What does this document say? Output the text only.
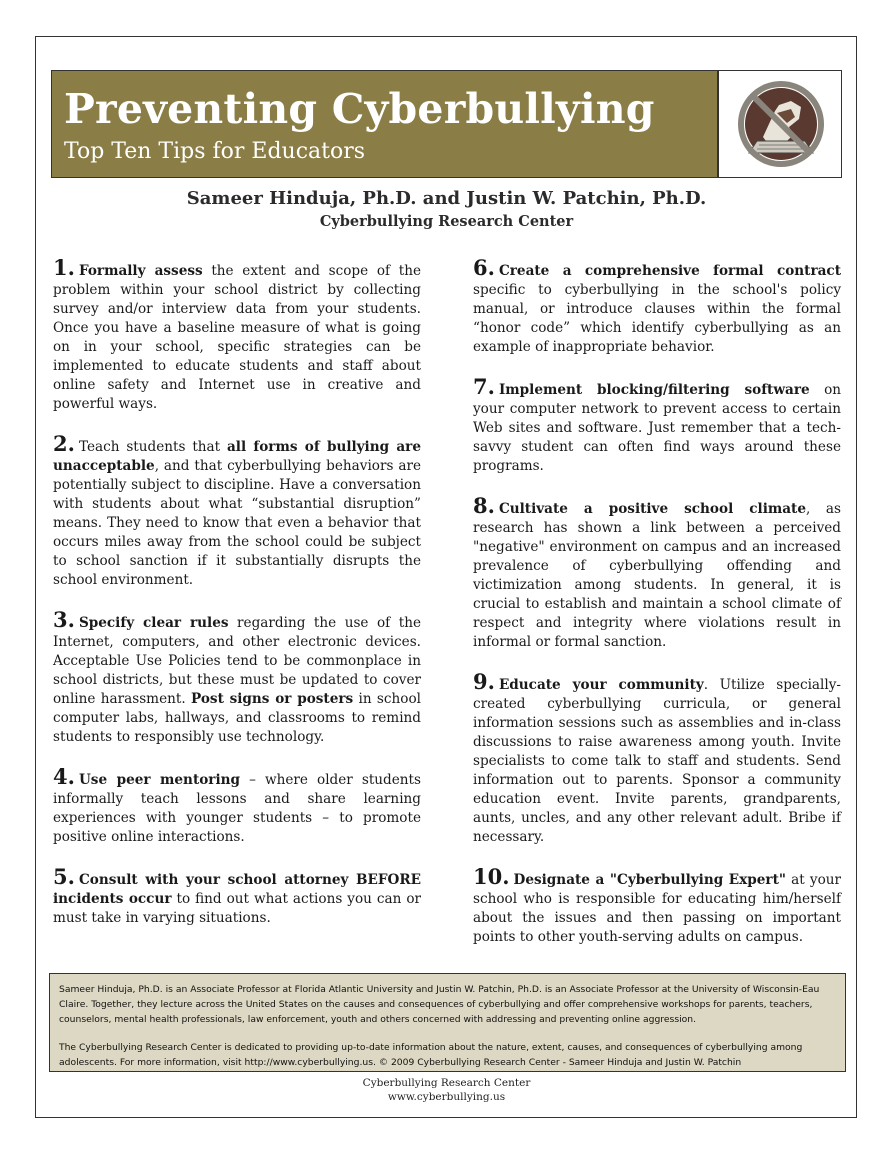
Preventing Cyberbullying
Top Ten Tips for Educators
Sameer Hinduja, Ph.D. and Justin W. Patchin, Ph.D.
Cyberbullying Research Center

1. Formally assess the extent and scope of the problem within your school district by collecting survey and/or interview data from your students. Once you have a baseline measure of what is going on in your school, specific strategies can be implemented to educate students and staff about online safety and Internet use in creative and powerful ways.

2. Teach students that all forms of bullying are unacceptable, and that cyberbullying behaviors are potentially subject to discipline. Have a conversation with students about what “substantial disruption” means. They need to know that even a behavior that occurs miles away from the school could be subject to school sanction if it substantially disrupts the school environment.

3. Specify clear rules regarding the use of the Internet, computers, and other electronic devices. Acceptable Use Policies tend to be commonplace in school districts, but these must be updated to cover online harassment. Post signs or posters in school computer labs, hallways, and classrooms to remind students to responsibly use technology.

4. Use peer mentoring – where older students informally teach lessons and share learning experiences with younger students – to promote positive online interactions.

5. Consult with your school attorney BEFORE incidents occur to find out what actions you can or must take in varying situations.

6. Create a comprehensive formal contract specific to cyberbullying in the school's policy manual, or introduce clauses within the formal “honor code” which identify cyberbullying as an example of inappropriate behavior.

7. Implement blocking/filtering software on your computer network to prevent access to certain Web sites and software. Just remember that a tech-savvy student can often find ways around these programs.

8. Cultivate a positive school climate, as research has shown a link between a perceived "negative" environment on campus and an increased prevalence of cyberbullying offending and victimization among students. In general, it is crucial to establish and maintain a school climate of respect and integrity where violations result in informal or formal sanction.

9. Educate your community. Utilize specially-created cyberbullying curricula, or general information sessions such as assemblies and in-class discussions to raise awareness among youth. Invite specialists to come talk to staff and students. Send information out to parents. Sponsor a community education event. Invite parents, grandparents, aunts, uncles, and any other relevant adult. Bribe if necessary.

10. Designate a "Cyberbullying Expert" at your school who is responsible for educating him/herself about the issues and then passing on important points to other youth-serving adults on campus.

Sameer Hinduja, Ph.D. is an Associate Professor at Florida Atlantic University and Justin W. Patchin, Ph.D. is an Associate Professor at the University of Wisconsin-Eau Claire. Together, they lecture across the United States on the causes and consequences of cyberbullying and offer comprehensive workshops for parents, teachers, counselors, mental health professionals, law enforcement, youth and others concerned with addressing and preventing online aggression.

The Cyberbullying Research Center is dedicated to providing up-to-date information about the nature, extent, causes, and consequences of cyberbullying among adolescents. For more information, visit http://www.cyberbullying.us. © 2009 Cyberbullying Research Center - Sameer Hinduja and Justin W. Patchin

Cyberbullying Research Center
www.cyberbullying.us
